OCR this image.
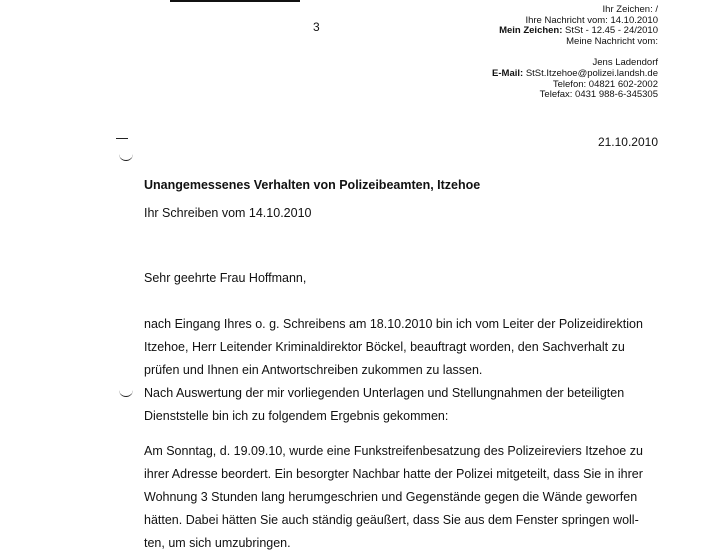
3
Ihr Zeichen: /
Ihre Nachricht vom: 14.10.2010
Mein Zeichen: StSt - 12.45 - 24/2010
Meine Nachricht vom:
Jens Ladendorf
E-Mail: StSt.Itzehoe@polizei.landsh.de
Telefon: 04821 602-2002
Telefax: 0431 988-6-345305
21.10.2010
Unangemessenes Verhalten von Polizeibeamten, Itzehoe
Ihr Schreiben vom 14.10.2010
Sehr geehrte Frau Hoffmann,
nach Eingang Ihres o. g. Schreibens am 18.10.2010 bin ich vom Leiter der Polizeidirektion
Itzehoe, Herr Leitender Kriminaldirektor Böckel, beauftragt worden, den Sachverhalt zu
prüfen und Ihnen ein Antwortschreiben zukommen zu lassen.
Nach Auswertung der mir vorliegenden Unterlagen und Stellungnahmen der beteiligten
Dienststelle bin ich zu folgendem Ergebnis gekommen:
Am Sonntag, d. 19.09.10, wurde eine Funkstreifenbesatzung des Polizeireviers Itzehoe zu
ihrer Adresse beordert. Ein besorgter Nachbar hatte der Polizei mitgeteilt, dass Sie in ihrer
Wohnung 3 Stunden lang herumgeschrien und Gegenstände gegen die Wände geworfen
hätten. Dabei hätten Sie auch ständig geäußert, dass Sie aus dem Fenster springen woll-
ten, um sich umzubringen.
